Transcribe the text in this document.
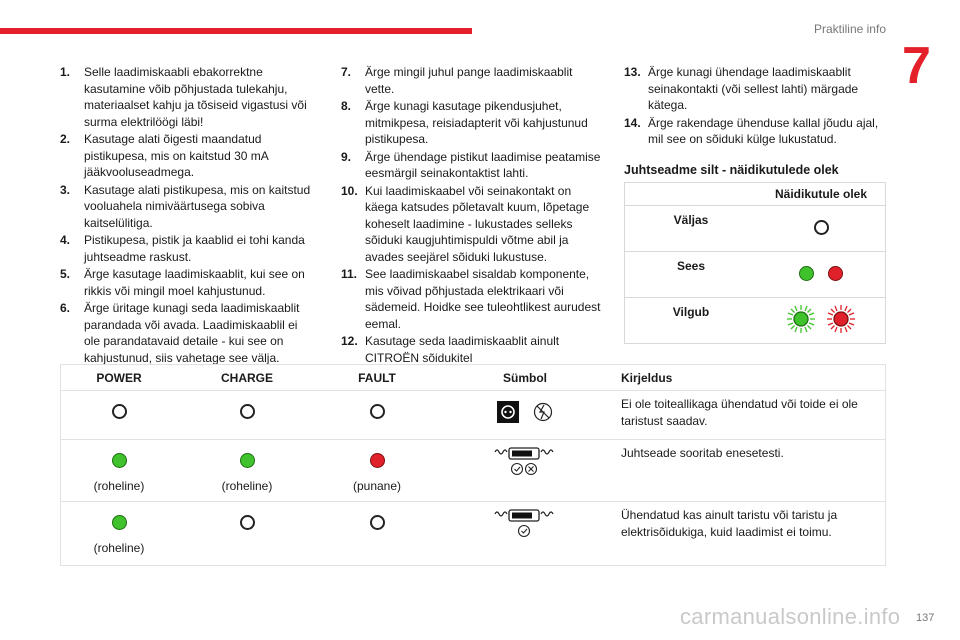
Praktiline info
7
1. Selle laadimiskaabli ebakorrektne kasutamine võib põhjustada tulekahju, materiaalset kahju ja tõsiseid vigastusi või surma elektrilöögi läbi!
2. Kasutage alati õigesti maandatud pistikupesa, mis on kaitstud 30 mA jääkvooluseadmega.
3. Kasutage alati pistikupesa, mis on kaitstud vooluahela nimiväärtusega sobiva kaitselülitiga.
4. Pistikupesa, pistik ja kaablid ei tohi kanda juhtseadme raskust.
5. Ärge kasutage laadimiskaablit, kui see on rikkis või mingil moel kahjustunud.
6. Ärge üritage kunagi seda laadimiskaablit parandada või avada. Laadimiskaablil ei ole parandatavaid detaile - kui see on kahjustunud, siis vahetage see välja.
7. Ärge mingil juhul pange laadimiskaablit vette.
8. Ärge kunagi kasutage pikendusjuhet, mitmikpesa, reisiadapterit või kahjustunud pistikupesa.
9. Ärge ühendage pistikut laadimise peatamise eesmärgil seinakontaktist lahti.
10. Kui laadimiskaabel või seinakontakt on käega katsudes põletavalt kuum, lõpetage koheselt laadimine - lukustades selleks sõiduki kaugjuhtimispuldi võtme abil ja avades seejärel sõiduki lukustuse.
11. See laadimiskaabel sisaldab komponente, mis võivad põhjustada elektrikaari või sädemeid. Hoidke see tuleohtlikest aurudest eemal.
12. Kasutage seda laadimiskaablit ainult CITROËN sõidukitel
13. Ärge kunagi ühendage laadimiskaablit seinakontakti (või sellest lahti) märgade kätega.
14. Ärge rakendage ühenduse kallal jõudu ajal, mil see on sõiduki külge lukustatud.
Juhtseadme silt - näidikutulede olek
	Näidikutule olek
Väljas	
Sees	
Vilgub	
POWER	CHARGE	FAULT	Sümbol	Kirjeldus
				Ei ole toiteallikaga ühendatud või toide ei ole taristust saadav.

(roheline)	(roheline)	(punane)		Juhtseade sooritab enesetesti.

(roheline)				Ühendatud kas ainult taristu või taristu ja elektrisõidukiga, kuid laadimist ei toimu.
carmanualsonline.info 137
